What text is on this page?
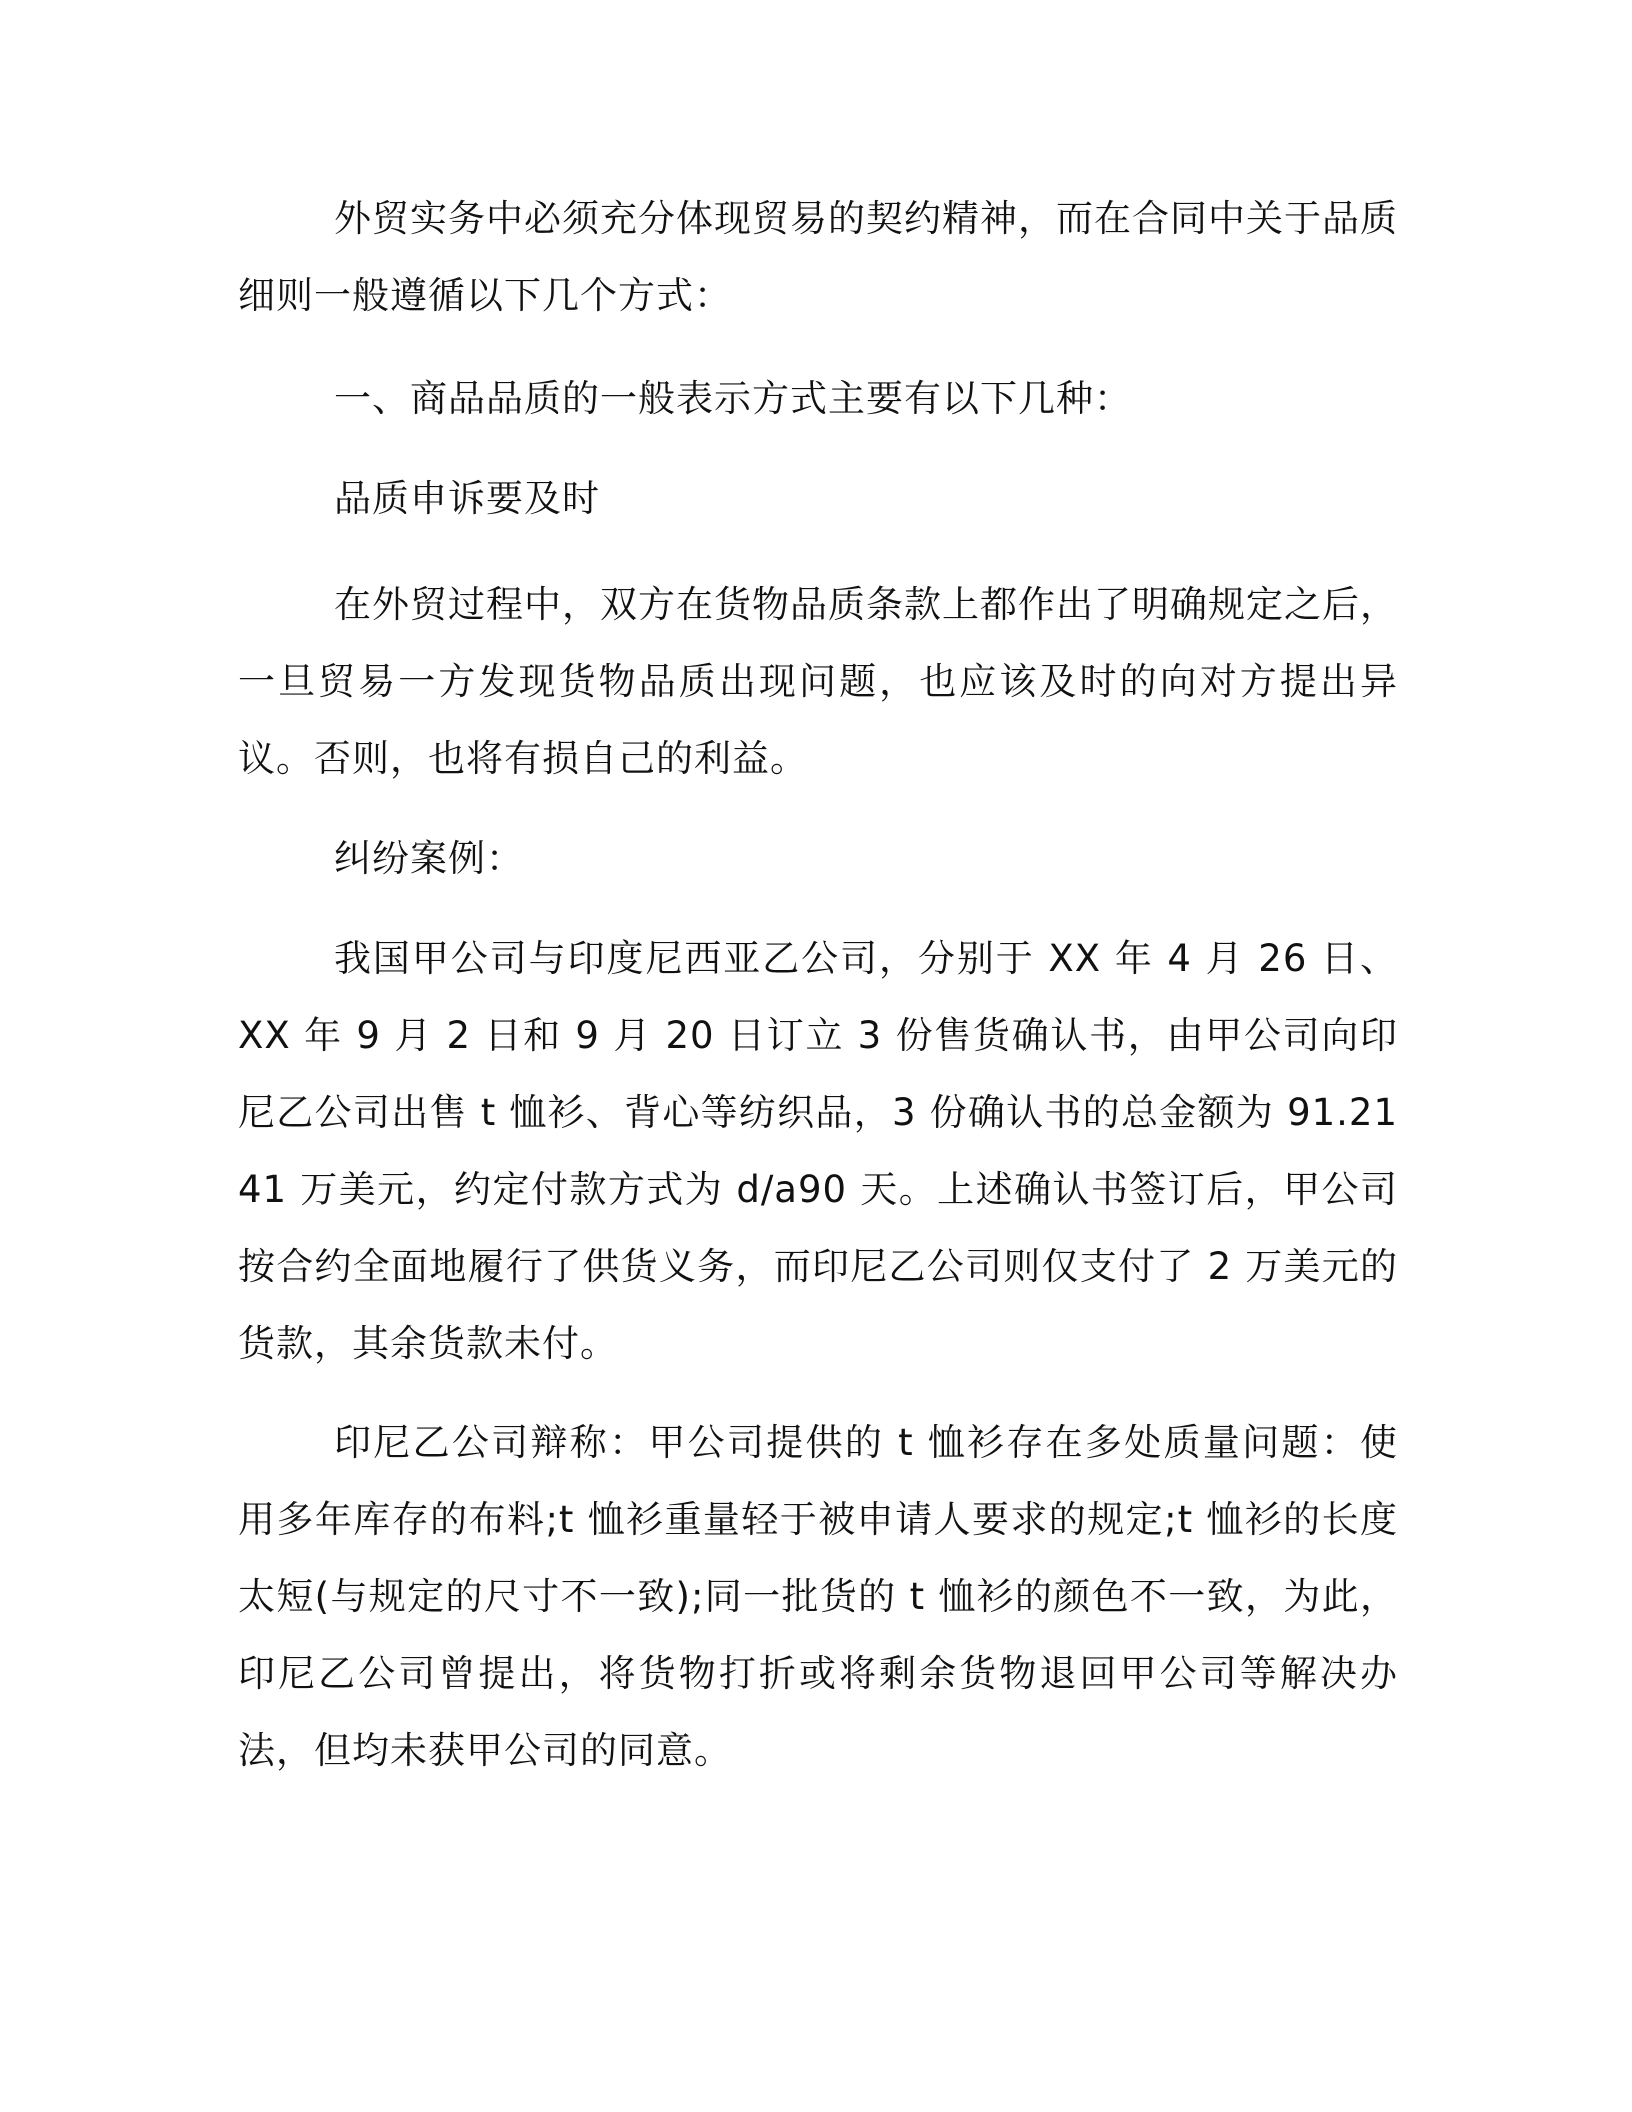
外贸实务中必须充分体现贸易的契约精神，而在合同中关于品质细则一般遵循以下几个方式：

一、商品品质的一般表示方式主要有以下几种：

品质申诉要及时

在外贸过程中，双方在货物品质条款上都作出了明确规定之后，一旦贸易一方发现货物品质出现问题，也应该及时的向对方提出异议。否则，也将有损自己的利益。

纠纷案例：

我国甲公司与印度尼西亚乙公司，分别于 XX 年 4 月 26 日、XX 年 9 月 2 日和 9 月 20 日订立 3 份售货确认书，由甲公司向印尼乙公司出售 t 恤衫、背心等纺织品，3 份确认书的总金额为 91.2141 万美元，约定付款方式为 d/a90 天。上述确认书签订后，甲公司按合约全面地履行了供货义务，而印尼乙公司则仅支付了 2 万美元的货款，其余货款未付。

印尼乙公司辩称：甲公司提供的 t 恤衫存在多处质量问题：使用多年库存的布料;t 恤衫重量轻于被申请人要求的规定;t 恤衫的长度太短(与规定的尺寸不一致);同一批货的 t 恤衫的颜色不一致，为此，印尼乙公司曾提出，将货物打折或将剩余货物退回甲公司等解决办法，但均未获甲公司的同意。
